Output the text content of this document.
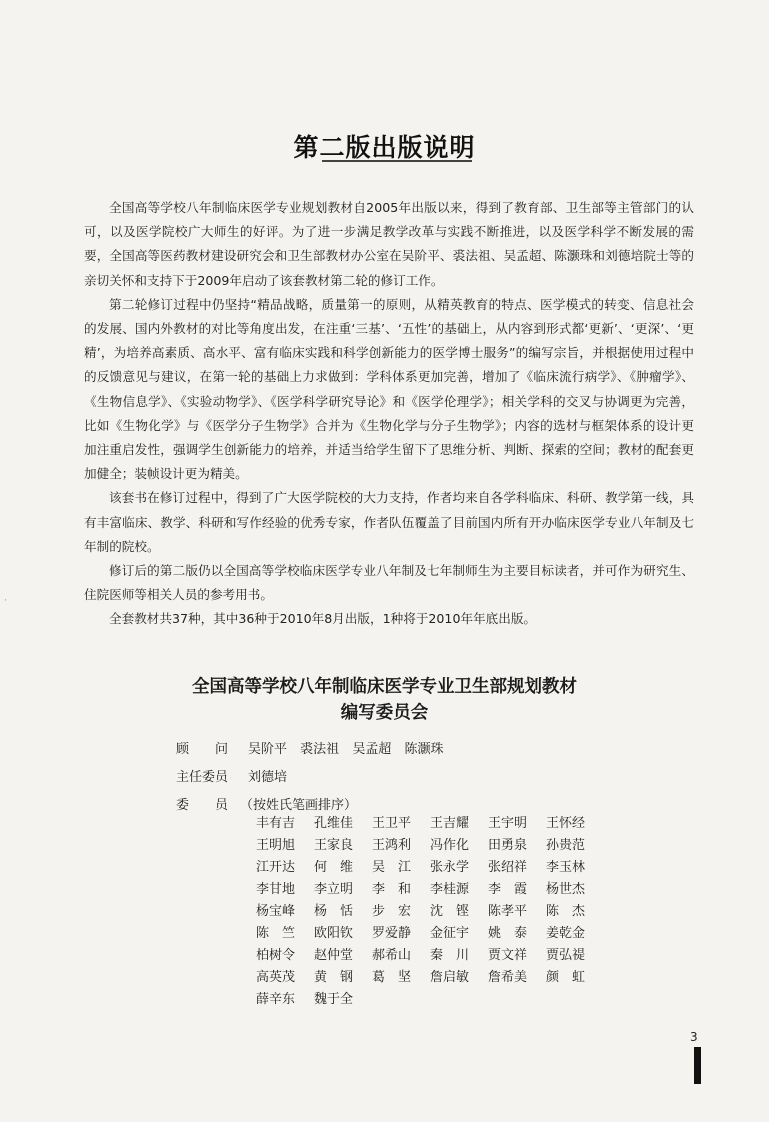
第二版出版说明

全国高等学校八年制临床医学专业规划教材自2005年出版以来，得到了教育部、卫生部等主管部门的认可，以及医学院校广大师生的好评。为了进一步满足教学改革与实践不断推进，以及医学科学不断发展的需要，全国高等医药教材建设研究会和卫生部教材办公室在吴阶平、裘法祖、吴孟超、陈灏珠和刘德培院士等的亲切关怀和支持下于2009年启动了该套教材第二轮的修订工作。

第二轮修订过程中仍坚持“精品战略，质量第一的原则，从精英教育的特点、医学模式的转变、信息社会的发展、国内外教材的对比等角度出发，在注重‘三基’、‘五性’的基础上，从内容到形式都‘更新’、‘更深’、‘更精’，为培养高素质、高水平、富有临床实践和科学创新能力的医学博士服务”的编写宗旨，并根据使用过程中的反馈意见与建议，在第一轮的基础上力求做到：学科体系更加完善，增加了《临床流行病学》、《肿瘤学》、《生物信息学》、《实验动物学》、《医学科学研究导论》和《医学伦理学》；相关学科的交叉与协调更为完善，比如《生物化学》与《医学分子生物学》合并为《生物化学与分子生物学》；内容的选材与框架体系的设计更加注重启发性，强调学生创新能力的培养，并适当给学生留下了思维分析、判断、探索的空间；教材的配套更加健全；装帧设计更为精美。

该套书在修订过程中，得到了广大医学院校的大力支持，作者均来自各学科临床、科研、教学第一线，具有丰富临床、教学、科研和写作经验的优秀专家，作者队伍覆盖了目前国内所有开办临床医学专业八年制及七年制的院校。

修订后的第二版仍以全国高等学校临床医学专业八年制及七年制师生为主要目标读者，并可作为研究生、住院医师等相关人员的参考用书。

全套教材共37种，其中36种于2010年8月出版，1种将于2010年年底出版。

全国高等学校八年制临床医学专业卫生部规划教材
编写委员会
顾　　问 吴阶平 裘法祖 吴孟超 陈灏珠
主任委员 刘德培
委　　员 （按姓氏笔画排序）
丰有吉	孔维佳	王卫平	王吉耀	王宇明	王怀经
王明旭	王家良	王鸿利	冯作化	田勇泉	孙贵范
江开达	何　维	吴　江	张永学	张绍祥	李玉林
李甘地	李立明	李　和	李桂源	李　霞	杨世杰
杨宝峰	杨　恬	步　宏	沈　铿	陈孝平	陈　杰
陈　竺	欧阳钦	罗爱静	金征宇	姚　泰	姜乾金
柏树令	赵仲堂	郝希山	秦　川	贾文祥	贾弘禔
高英茂	黄　钢	葛　坚	詹启敏	詹希美	颜　虹
薛辛东	魏于全
3
·
